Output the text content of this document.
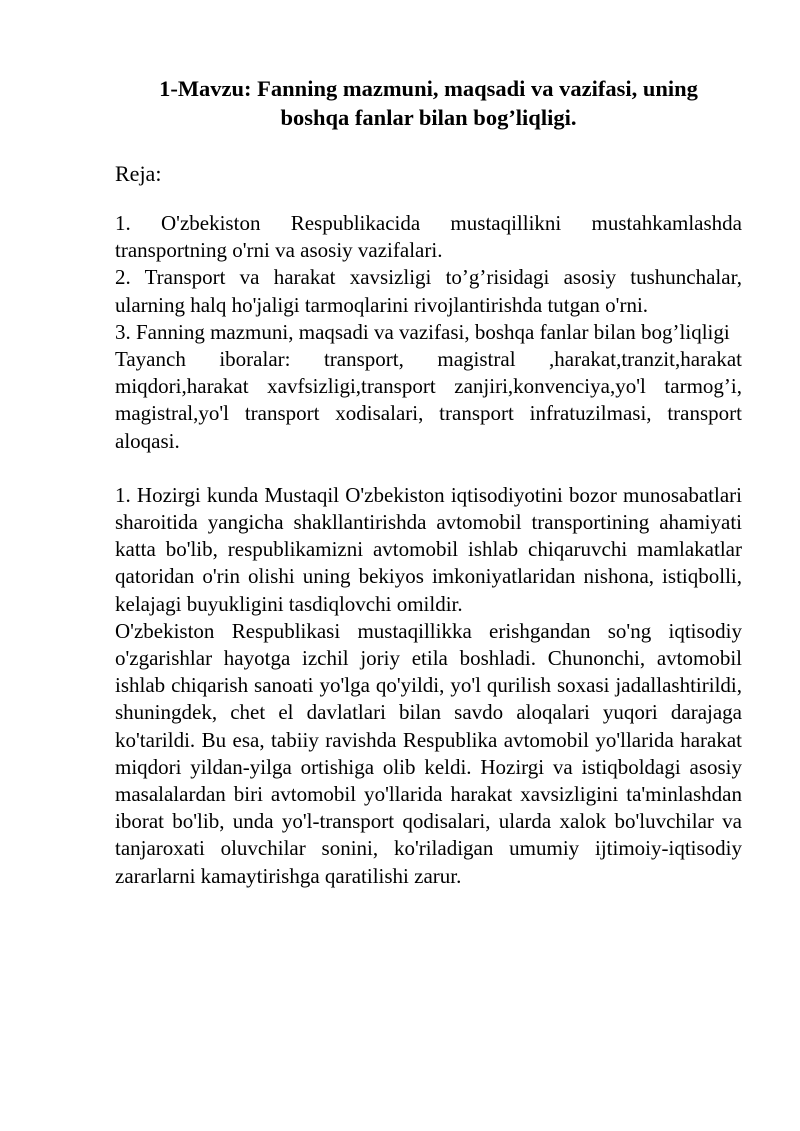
1-Mavzu: Fanning mazmuni, maqsadi va vazifasi, uning
boshqa fanlar bilan bog’liqligi.

Reja:

1. O'zbekiston Respublikacida mustaqillikni mustahkamlashda transportning o'rni va asosiy vazifalari.

2. Transport va harakat xavsizligi to’g’risidagi asosiy tushunchalar, ularning halq ho'jaligi tarmoqlarini rivojlantirishda tutgan o'rni.

3. Fanning mazmuni, maqsadi va vazifasi, boshqa fanlar bilan bog’liqligi

Tayanch iboralar: transport, magistral ,harakat,tranzit,harakat miqdori,harakat xavfsizligi,transport zanjiri,konvenciya,yo'l tarmog’i, magistral,yo'l transport xodisalari, transport infratuzilmasi, transport aloqasi.

1. Hozirgi kunda Mustaqil O'zbekiston iqtisodiyotini bozor munosabatlari sharoitida yangicha shakllantirishda avtomobil transportining ahamiyati katta bo'lib, respublikamizni avtomobil ishlab chiqaruvchi mamlakatlar qatoridan o'rin olishi uning bekiyos imkoniyatlaridan nishona, istiqbolli, kelajagi buyukligini tasdiqlovchi omildir.

O'zbekiston Respublikasi mustaqillikka erishgandan so'ng iqtisodiy o'zgarishlar hayotga izchil joriy etila boshladi. Chunonchi, avtomobil ishlab chiqarish sanoati yo'lga qo'yildi, yo'l qurilish soxasi jadallashtirildi, shuningdek, chet el davlatlari bilan savdo aloqalari yuqori darajaga ko'tarildi. Bu esa, tabiiy ravishda Respublika avtomobil yo'llarida harakat miqdori yildan-yilga ortishiga olib keldi. Hozirgi va istiqboldagi asosiy masalalardan biri avtomobil yo'llarida harakat xavsizligini ta'minlashdan iborat bo'lib, unda yo'l-transport qodisalari, ularda xalok bo'luvchilar va tanjaroxati oluvchilar sonini, ko'riladigan umumiy ijtimoiy-iqtisodiy zararlarni kamaytirishga qaratilishi zarur.
